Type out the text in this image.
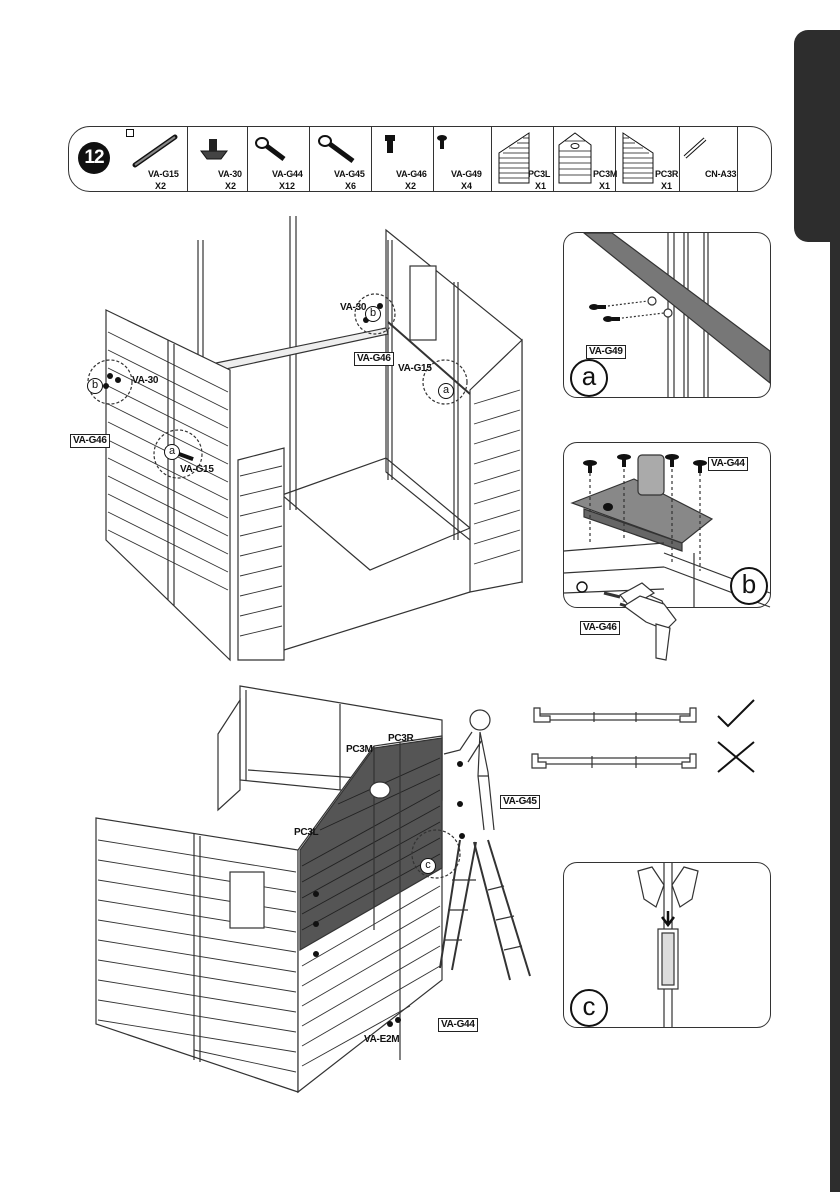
VA-G15
X2
VA-30
X2
VA-G44
X12
VA-G45
X6
VA-G46
X2
VA-G49
X4
PC3L
X1
PC3M
X1
PC3R
X1
CN-A33
12
b
a
b
a
VA-30
VA-G46
VA-G15
VA-30
VA-G46
VA-G15
VA-G49
a
VA-G44
VA-G46
b
PC3R
PC3M
PC3L
VA-G45
VA-G44
VA-E2M
c
c
